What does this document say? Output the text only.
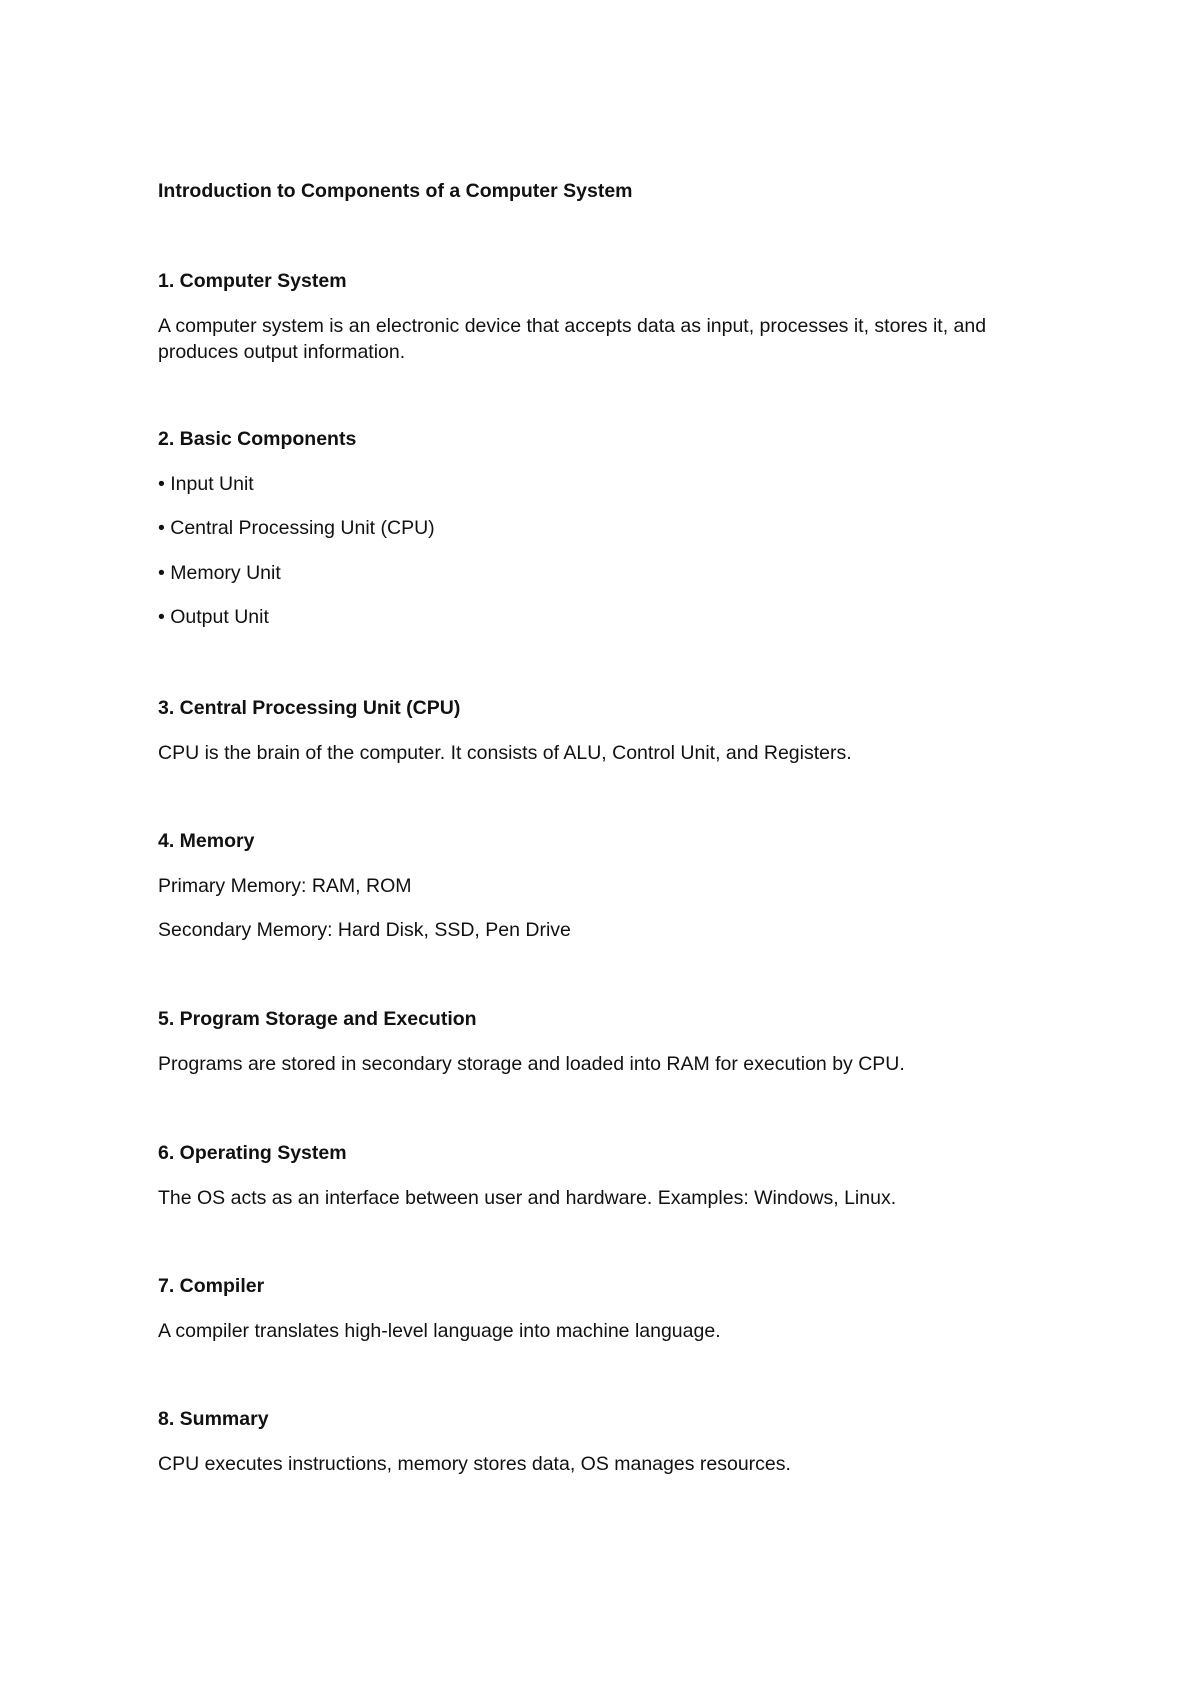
Introduction to Components of a Computer System

1. Computer System

A computer system is an electronic device that accepts data as input, processes it, stores it, and produces output information.

2. Basic Components

• Input Unit

• Central Processing Unit (CPU)

• Memory Unit

• Output Unit

3. Central Processing Unit (CPU)

CPU is the brain of the computer. It consists of ALU, Control Unit, and Registers.

4. Memory

Primary Memory: RAM, ROM

Secondary Memory: Hard Disk, SSD, Pen Drive

5. Program Storage and Execution

Programs are stored in secondary storage and loaded into RAM for execution by CPU.

6. Operating System

The OS acts as an interface between user and hardware. Examples: Windows, Linux.

7. Compiler

A compiler translates high-level language into machine language.

8. Summary

CPU executes instructions, memory stores data, OS manages resources.
